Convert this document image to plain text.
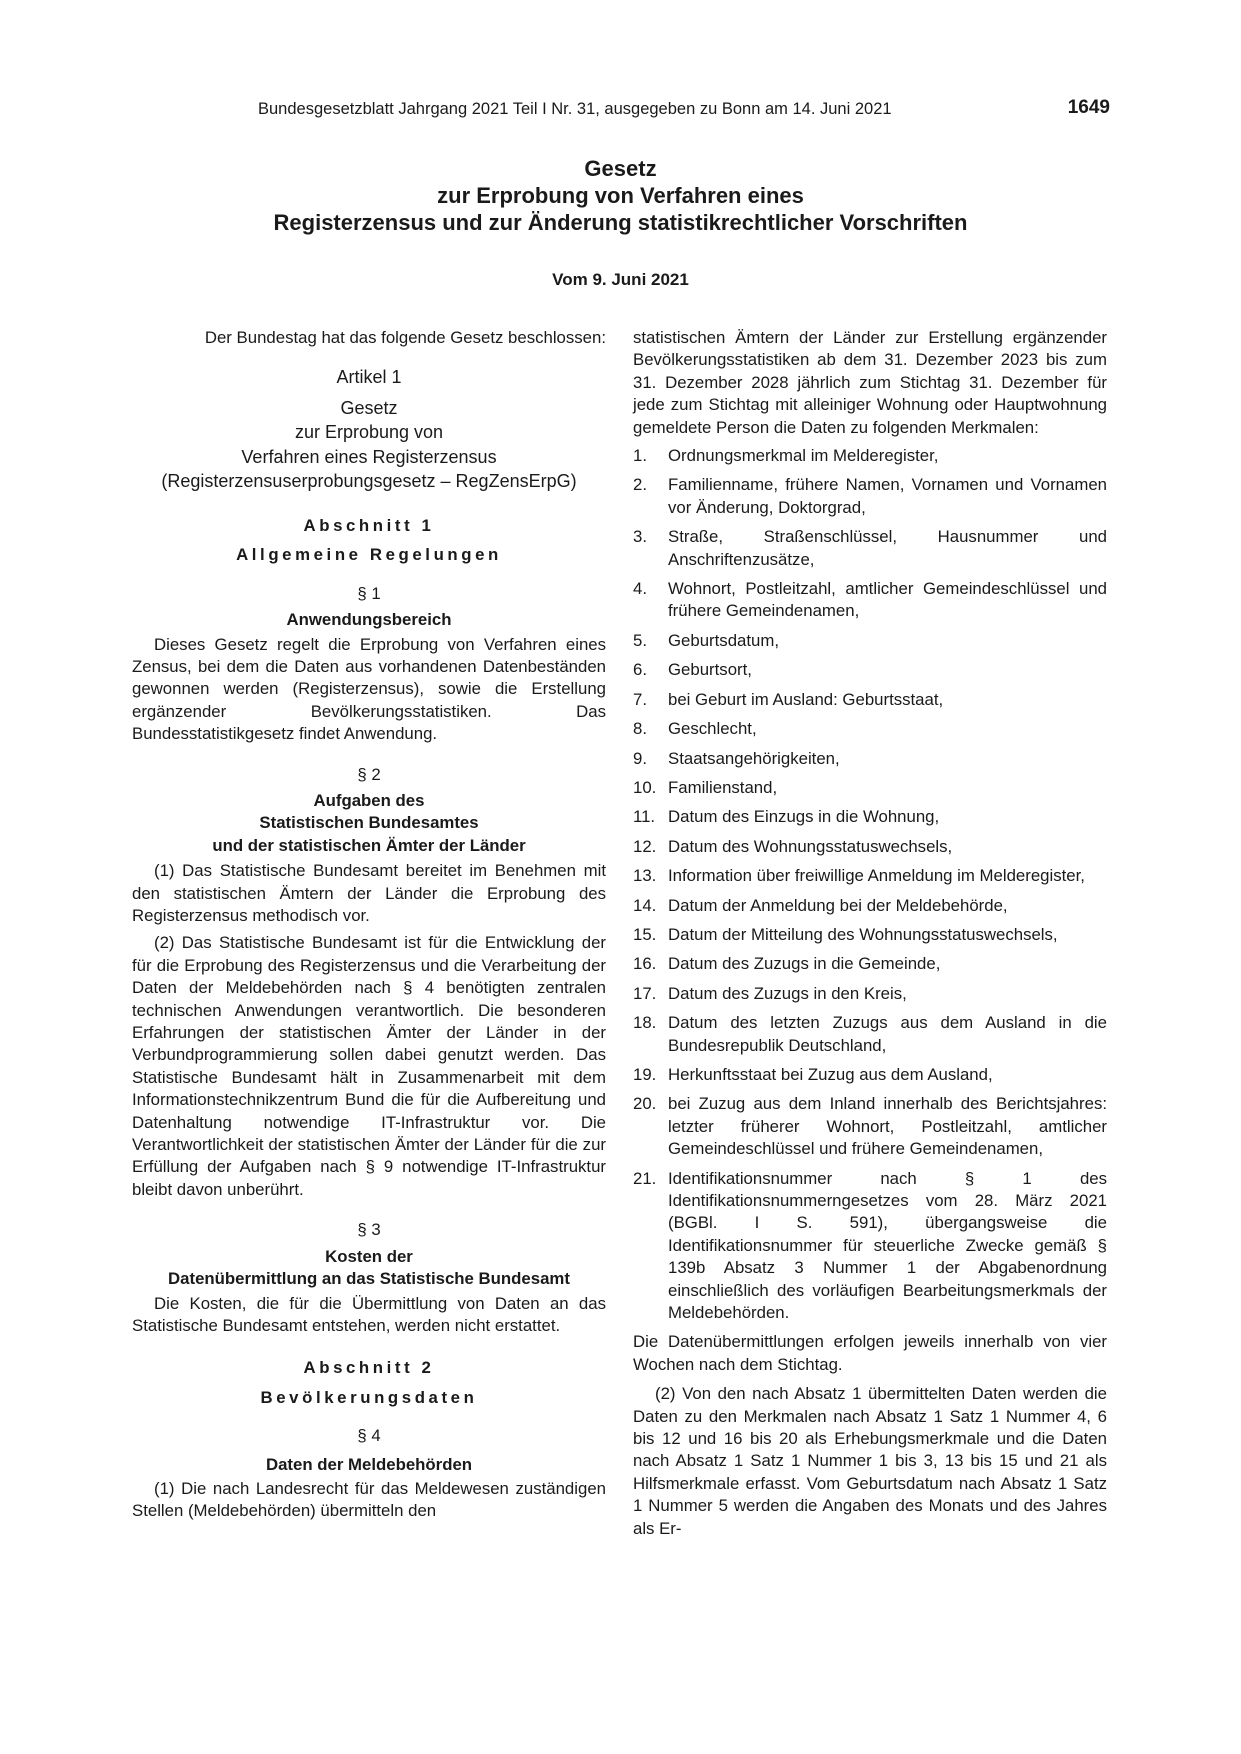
Bundesgesetzblatt Jahrgang 2021 Teil I Nr. 31, ausgegeben zu Bonn am 14. Juni 2021	1649

Gesetz

zur Erprobung von Verfahren eines

Registerzensus und zur Änderung statistikrechtlicher Vorschriften

Vom 9. Juni 2021

Der Bundestag hat das folgende Gesetz beschlossen:

Artikel 1

Gesetz

zur Erprobung von

Verfahren eines Registerzensus

(Registerzensuserprobungsgesetz – RegZensErpG)

Abschnitt 1

Allgemeine Regelungen

§ 1

Anwendungsbereich

Dieses Gesetz regelt die Erprobung von Verfahren eines Zensus, bei dem die Daten aus vorhandenen Datenbeständen gewonnen werden (Registerzensus), sowie die Erstellung ergänzender Bevölkerungsstatistiken. Das Bundesstatistikgesetz findet Anwendung.

§ 2

Aufgaben des

Statistischen Bundesamtes

und der statistischen Ämter der Länder

(1) Das Statistische Bundesamt bereitet im Benehmen mit den statistischen Ämtern der Länder die Erprobung des Registerzensus methodisch vor.

(2) Das Statistische Bundesamt ist für die Entwicklung der für die Erprobung des Registerzensus und die Verarbeitung der Daten der Meldebehörden nach § 4 benötigten zentralen technischen Anwendungen verantwortlich. Die besonderen Erfahrungen der statistischen Ämter der Länder in der Verbundprogrammierung sollen dabei genutzt werden. Das Statistische Bundesamt hält in Zusammenarbeit mit dem Informationstechnikzentrum Bund die für die Aufbereitung und Datenhaltung notwendige IT-Infrastruktur vor. Die Verantwortlichkeit der statistischen Ämter der Länder für die zur Erfüllung der Aufgaben nach § 9 notwendige IT-Infrastruktur bleibt davon unberührt.

§ 3

Kosten der

Datenübermittlung an das Statistische Bundesamt

Die Kosten, die für die Übermittlung von Daten an das Statistische Bundesamt entstehen, werden nicht erstattet.

Abschnitt 2

Bevölkerungsdaten

§ 4

Daten der Meldebehörden

(1) Die nach Landesrecht für das Meldewesen zuständigen Stellen (Meldebehörden) übermitteln den

statistischen Ämtern der Länder zur Erstellung ergänzender Bevölkerungsstatistiken ab dem 31. Dezember 2023 bis zum 31. Dezember 2028 jährlich zum Stichtag 31. Dezember für jede zum Stichtag mit alleiniger Wohnung oder Hauptwohnung gemeldete Person die Daten zu folgenden Merkmalen:

1.	Ordnungsmerkmal im Melderegister,
2.	Familienname, frühere Namen, Vornamen und Vornamen vor Änderung, Doktorgrad,
3.	Straße, Straßenschlüssel, Hausnummer und Anschriftenzusätze,
4.	Wohnort, Postleitzahl, amtlicher Gemeindeschlüssel und frühere Gemeindenamen,
5.	Geburtsdatum,
6.	Geburtsort,
7.	bei Geburt im Ausland: Geburtsstaat,
8.	Geschlecht,
9.	Staatsangehörigkeiten,
10. Familienstand,
11. Datum des Einzugs in die Wohnung,
12. Datum des Wohnungsstatuswechsels,
13. Information über freiwillige Anmeldung im Melderegister,
14. Datum der Anmeldung bei der Meldebehörde,
15. Datum der Mitteilung des Wohnungsstatuswechsels,
16. Datum des Zuzugs in die Gemeinde,
17. Datum des Zuzugs in den Kreis,
18. Datum des letzten Zuzugs aus dem Ausland in die Bundesrepublik Deutschland,
19. Herkunftsstaat bei Zuzug aus dem Ausland,
20. bei Zuzug aus dem Inland innerhalb des Berichtsjahres: letzter früherer Wohnort, Postleitzahl, amtlicher Gemeindeschlüssel und frühere Gemeindenamen,
21. Identifikationsnummer nach § 1 des Identifikationsnummerngesetzes vom 28. März 2021 (BGBl. I S. 591), übergangsweise die Identifikationsnummer für steuerliche Zwecke gemäß § 139b Absatz 3 Nummer 1 der Abgabenordnung einschließlich des vorläufigen Bearbeitungsmerkmals der Meldebehörden.

Die Datenübermittlungen erfolgen jeweils innerhalb von vier Wochen nach dem Stichtag.

(2) Von den nach Absatz 1 übermittelten Daten werden die Daten zu den Merkmalen nach Absatz 1 Satz 1 Nummer 4, 6 bis 12 und 16 bis 20 als Erhebungsmerkmale und die Daten nach Absatz 1 Satz 1 Nummer 1 bis 3, 13 bis 15 und 21 als Hilfsmerkmale erfasst. Vom Geburtsdatum nach Absatz 1 Satz 1 Nummer 5 werden die Angaben des Monats und des Jahres als Er-
